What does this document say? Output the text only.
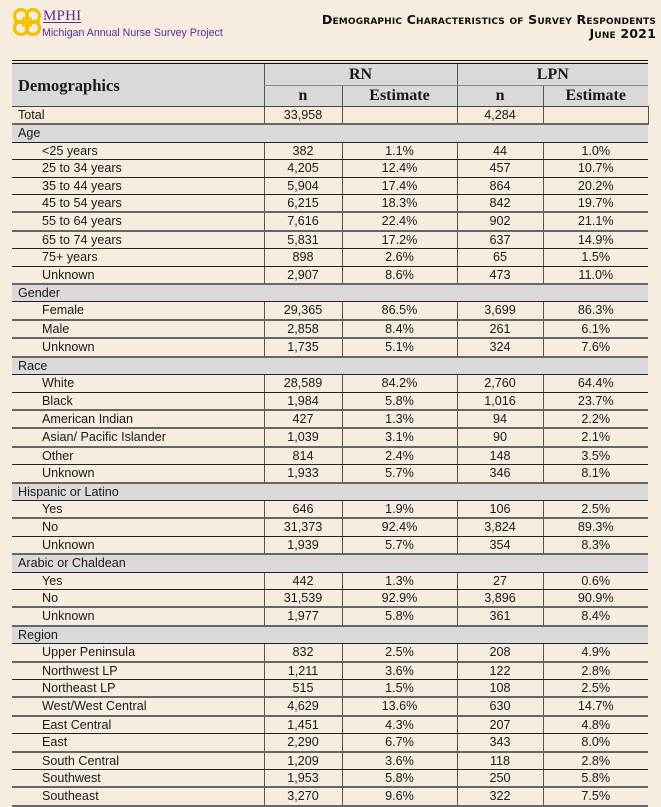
MPHI
Michigan Annual Nurse Survey Project
Demographic Characteristics of Survey Respondents
June 2021
Demographics	RN		LPN	
	n	Estimate	n	Estimate
Total	33,958		4,284	
Age				
<25 years	382	1.1%	44	1.0%
25 to 34 years	4,205	12.4%	457	10.7%
35 to 44 years	5,904	17.4%	864	20.2%
45 to 54 years	6,215	18.3%	842	19.7%
55 to 64 years	7,616	22.4%	902	21.1%
65 to 74 years	5,831	17.2%	637	14.9%
75+ years	898	2.6%	65	1.5%
Unknown	2,907	8.6%	473	11.0%
Gender				
Female	29,365	86.5%	3,699	86.3%
Male	2,858	8.4%	261	6.1%
Unknown	1,735	5.1%	324	7.6%
Race				
White	28,589	84.2%	2,760	64.4%
Black	1,984	5.8%	1,016	23.7%
American Indian	427	1.3%	94	2.2%
Asian/ Pacific Islander	1,039	3.1%	90	2.1%
Other	814	2.4%	148	3.5%
Unknown	1,933	5.7%	346	8.1%
Hispanic or Latino				
Yes	646	1.9%	106	2.5%
No	31,373	92.4%	3,824	89.3%
Unknown	1,939	5.7%	354	8.3%
Arabic or Chaldean				
Yes	442	1.3%	27	0.6%
No	31,539	92.9%	3,896	90.9%
Unknown	1,977	5.8%	361	8.4%
Region				
Upper Peninsula	832	2.5%	208	4.9%
Northwest LP	1,211	3.6%	122	2.8%
Northeast LP	515	1.5%	108	2.5%
West/West Central	4,629	13.6%	630	14.7%
East Central	1,451	4.3%	207	4.8%
East	2,290	6.7%	343	8.0%
South Central	1,209	3.6%	118	2.8%
Southwest	1,953	5.8%	250	5.8%
Southeast	3,270	9.6%	322	7.5%
